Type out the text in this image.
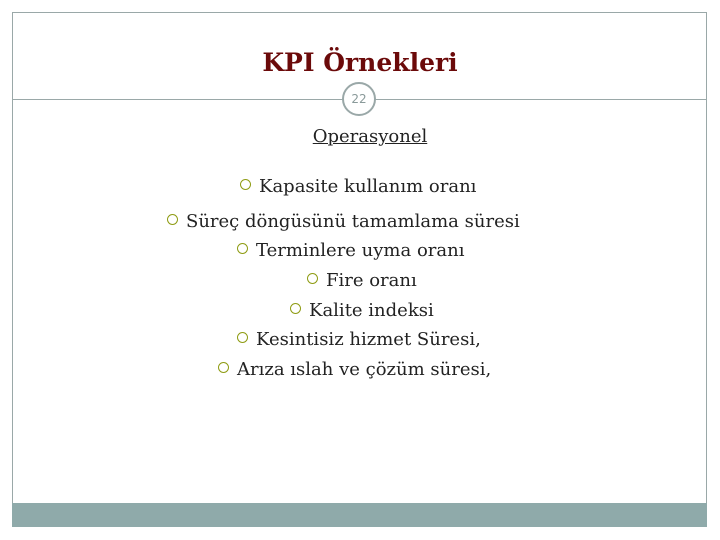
KPI Örnekleri
22
Operasyonel
Kapasite kullanım oranı
Süreç döngüsünü tamamlama süresi
Terminlere uyma oranı
Fire oranı
Kalite indeksi
Kesintisiz hizmet Süresi,
Arıza ıslah ve çözüm süresi,
